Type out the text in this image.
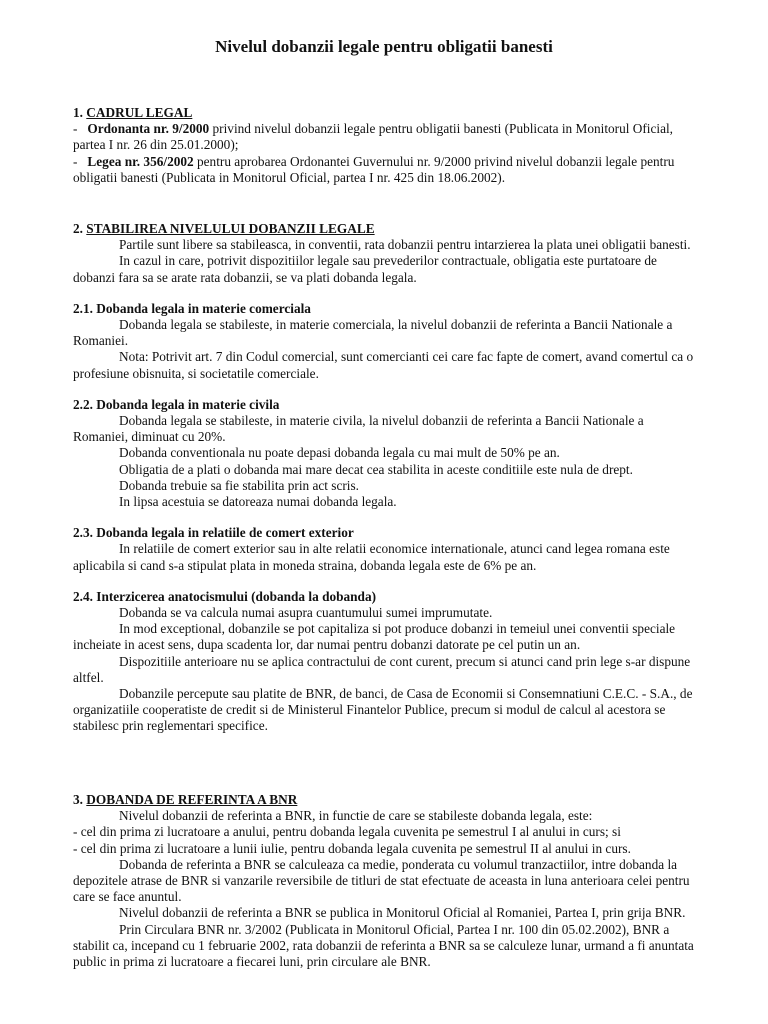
Nivelul dobanzii legale pentru obligatii banesti

1. CADRUL LEGAL

-   Ordonanta nr. 9/2000 privind nivelul dobanzii legale pentru obligatii banesti (Publicata in Monitorul Oficial, partea I nr. 26 din 25.01.2000);

-   Legea nr. 356/2002 pentru aprobarea Ordonantei Guvernului nr. 9/2000 privind nivelul dobanzii legale pentru obligatii banesti (Publicata in Monitorul Oficial, partea I nr. 425 din 18.06.2002).

2. STABILIREA NIVELULUI DOBANZII LEGALE

Partile sunt libere sa stabileasca, in conventii, rata dobanzii pentru intarzierea la plata unei obligatii banesti.

In cazul in care, potrivit dispozitiilor legale sau prevederilor contractuale, obligatia este purtatoare de dobanzi fara sa se arate rata dobanzii, se va plati dobanda legala.

2.1. Dobanda legala in materie comerciala

Dobanda legala se stabileste, in materie comerciala, la nivelul dobanzii de referinta a Bancii Nationale a Romaniei.

Nota: Potrivit art. 7 din Codul comercial, sunt comercianti cei care fac fapte de comert, avand comertul ca o profesiune obisnuita, si societatile comerciale.

2.2. Dobanda legala in materie civila

Dobanda legala se stabileste, in materie civila, la nivelul dobanzii de referinta a Bancii Nationale a Romaniei, diminuat cu 20%.

Dobanda conventionala nu poate depasi dobanda legala cu mai mult de 50% pe an.

Obligatia de a plati o dobanda mai mare decat cea stabilita in aceste conditiile este nula de drept.

Dobanda trebuie sa fie stabilita prin act scris.

In lipsa acestuia se datoreaza numai dobanda legala.

2.3. Dobanda legala in relatiile de comert exterior

In relatiile de comert exterior sau in alte relatii economice internationale, atunci cand legea romana este aplicabila si cand s-a stipulat plata in moneda straina, dobanda legala este de 6% pe an.

2.4. Interzicerea anatocismului (dobanda la dobanda)

Dobanda se va calcula numai asupra cuantumului sumei imprumutate.

In mod exceptional, dobanzile se pot capitaliza si pot produce dobanzi in temeiul unei conventii speciale incheiate in acest sens, dupa scadenta lor, dar numai pentru dobanzi datorate pe cel putin un an.

Dispozitiile anterioare nu se aplica contractului de cont curent, precum si atunci cand prin lege s-ar dispune altfel.

Dobanzile percepute sau platite de BNR, de banci, de Casa de Economii si Consemnatiuni C.E.C. - S.A., de organizatiile cooperatiste de credit si de Ministerul Finantelor Publice, precum si modul de calcul al acestora se stabilesc prin reglementari specifice.

3. DOBANDA DE REFERINTA A BNR

Nivelul dobanzii de referinta a BNR, in functie de care se stabileste dobanda legala, este:

- cel din prima zi lucratoare a anului, pentru dobanda legala cuvenita pe semestrul I al anului in curs; si

- cel din prima zi lucratoare a lunii iulie, pentru dobanda legala cuvenita pe semestrul II al anului in curs.

Dobanda de referinta a BNR se calculeaza ca medie, ponderata cu volumul tranzactiilor, intre dobanda la depozitele atrase de BNR si vanzarile reversibile de titluri de stat efectuate de aceasta in luna anterioara celei pentru care se face anuntul.

Nivelul dobanzii de referinta a BNR se publica in Monitorul Oficial al Romaniei, Partea I, prin grija BNR.

Prin Circulara BNR nr. 3/2002 (Publicata in Monitorul Oficial, Partea I nr. 100 din 05.02.2002), BNR a stabilit ca, incepand cu 1 februarie 2002, rata dobanzii de referinta a BNR sa se calculeze lunar, urmand a fi anuntata public in prima zi lucratoare a fiecarei luni, prin circulare ale BNR.
